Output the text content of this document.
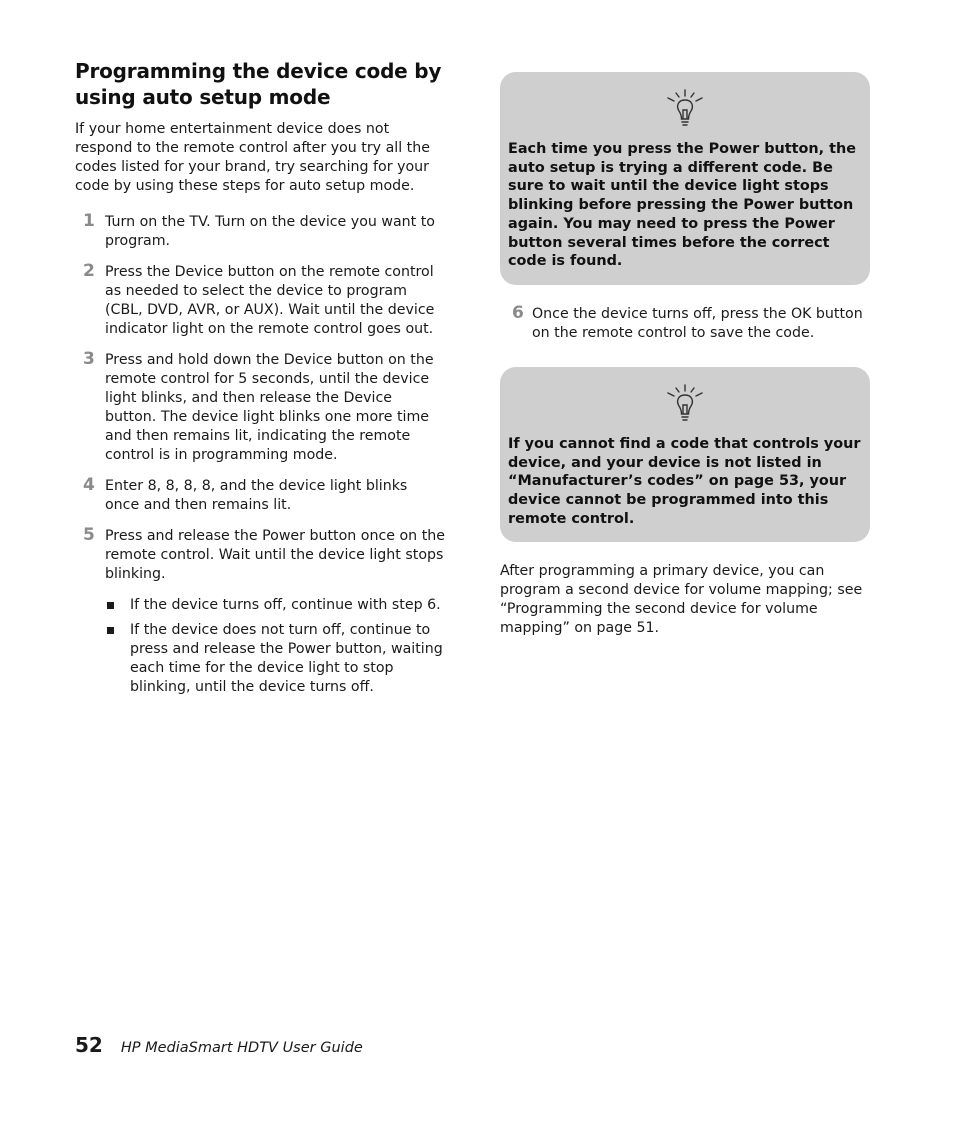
Programming the device code by using auto setup mode

If your home entertainment device does not respond to the remote control after you try all the codes listed for your brand, try searching for your code by using these steps for auto setup mode.

1 Turn on the TV. Turn on the device you want to program.
2 Press the Device button on the remote control as needed to select the device to program (CBL, DVD, AVR, or AUX). Wait until the device indicator light on the remote control goes out.
3 Press and hold down the Device button on the remote control for 5 seconds, until the device light blinks, and then release the Device button. The device light blinks one more time and then remains lit, indicating the remote control is in programming mode.
4 Enter 8, 8, 8, 8, and the device light blinks once and then remains lit.
5 Press and release the Power button once on the remote control. Wait until the device light stops blinking.
If the device turns off, continue with step 6.
If the device does not turn off, continue to press and release the Power button, waiting each time for the device light to stop blinking, until the device turns off.

Each time you press the Power button, the auto setup is trying a different code. Be sure to wait until the device light stops blinking before pressing the Power button again. You may need to press the Power button several times before the correct code is found.

6 Once the device turns off, press the OK button on the remote control to save the code.

If you cannot find a code that controls your device, and your device is not listed in “Manufacturer’s codes” on page 53, your device cannot be programmed into this remote control.

After programming a primary device, you can program a second device for volume mapping; see “Programming the second device for volume mapping” on page 51.

52 HP MediaSmart HDTV User Guide
